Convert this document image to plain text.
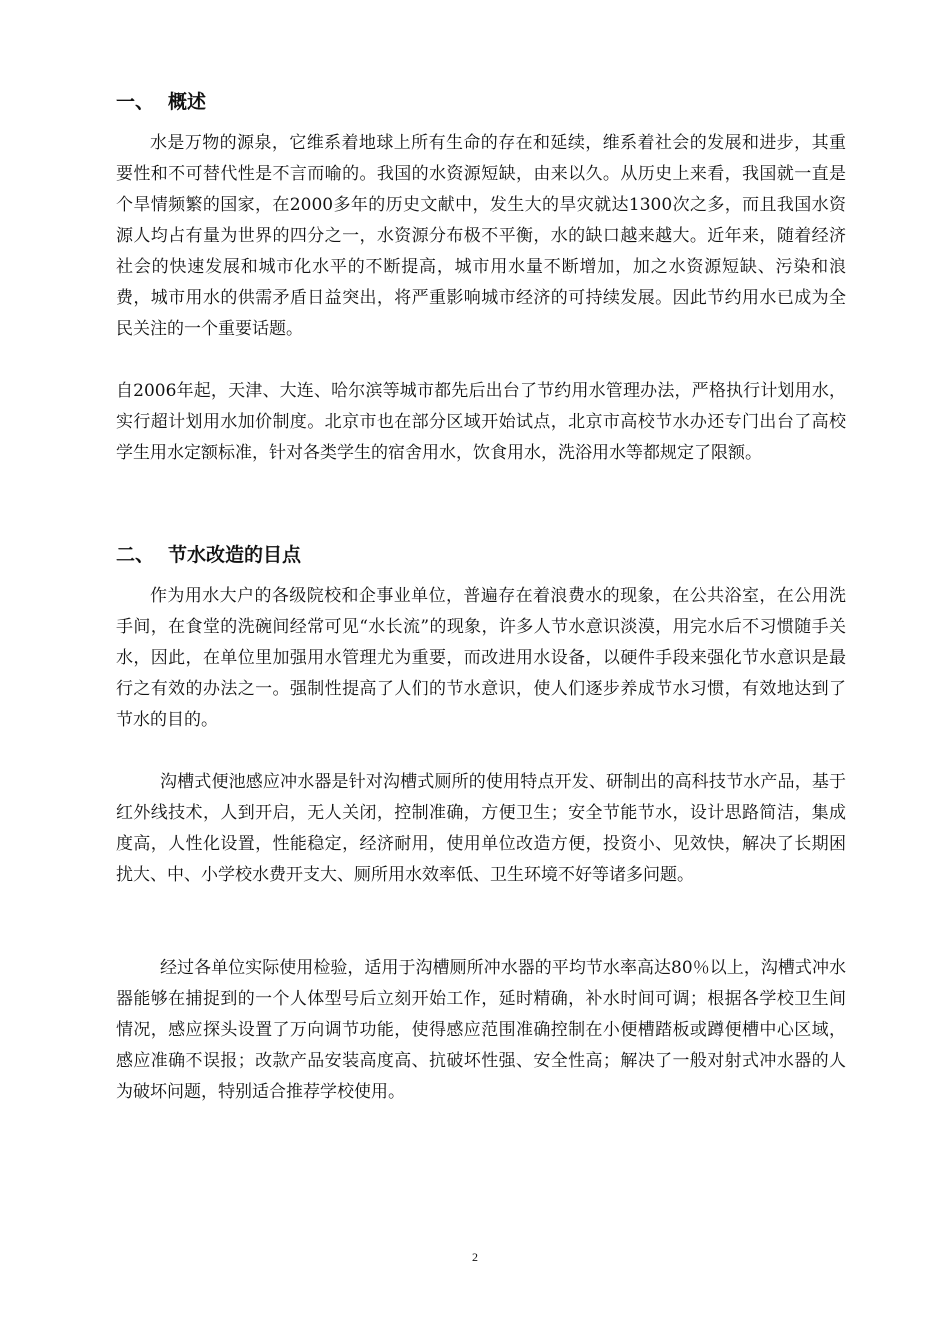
一、 概述

水是万物的源泉，它维系着地球上所有生命的存在和延续，维系着社会的发展和进步，其重要性和不可替代性是不言而喻的。我国的水资源短缺，由来以久。从历史上来看，我国就一直是个旱情频繁的国家，在2000多年的历史文献中，发生大的旱灾就达1300次之多，而且我国水资源人均占有量为世界的四分之一，水资源分布极不平衡，水的缺口越来越大。近年来，随着经济社会的快速发展和城市化水平的不断提高，城市用水量不断增加，加之水资源短缺、污染和浪费，城市用水的供需矛盾日益突出，将严重影响城市经济的可持续发展。因此节约用水已成为全民关注的一个重要话题。

自2006年起，天津、大连、哈尔滨等城市都先后出台了节约用水管理办法，严格执行计划用水，实行超计划用水加价制度。北京市也在部分区域开始试点，北京市高校节水办还专门出台了高校学生用水定额标准，针对各类学生的宿舍用水，饮食用水，洗浴用水等都规定了限额。

二、 节水改造的目点

作为用水大户的各级院校和企事业单位，普遍存在着浪费水的现象，在公共浴室，在公用洗手间，在食堂的洗碗间经常可见“水长流”的现象，许多人节水意识淡漠，用完水后不习惯随手关水，因此，在单位里加强用水管理尤为重要，而改进用水设备，以硬件手段来强化节水意识是最行之有效的办法之一。强制性提高了人们的节水意识，使人们逐步养成节水习惯，有效地达到了节水的目的。

沟槽式便池感应冲水器是针对沟槽式厕所的使用特点开发、研制出的高科技节水产品，基于红外线技术，人到开启，无人关闭，控制准确，方便卫生；安全节能节水，设计思路简洁，集成度高，人性化设置，性能稳定，经济耐用，使用单位改造方便，投资小、见效快，解决了长期困扰大、中、小学校水费开支大、厕所用水效率低、卫生环境不好等诸多问题。

经过各单位实际使用检验，适用于沟槽厕所冲水器的平均节水率高达80％以上，沟槽式冲水器能够在捕捉到的一个人体型号后立刻开始工作，延时精确，补水时间可调；根据各学校卫生间情况，感应探头设置了万向调节功能，使得感应范围准确控制在小便槽踏板或蹲便槽中心区域，感应准确不误报；改款产品安装高度高、抗破坏性强、安全性高；解决了一般对射式冲水器的人为破坏问题，特别适合推荐学校使用。

2
